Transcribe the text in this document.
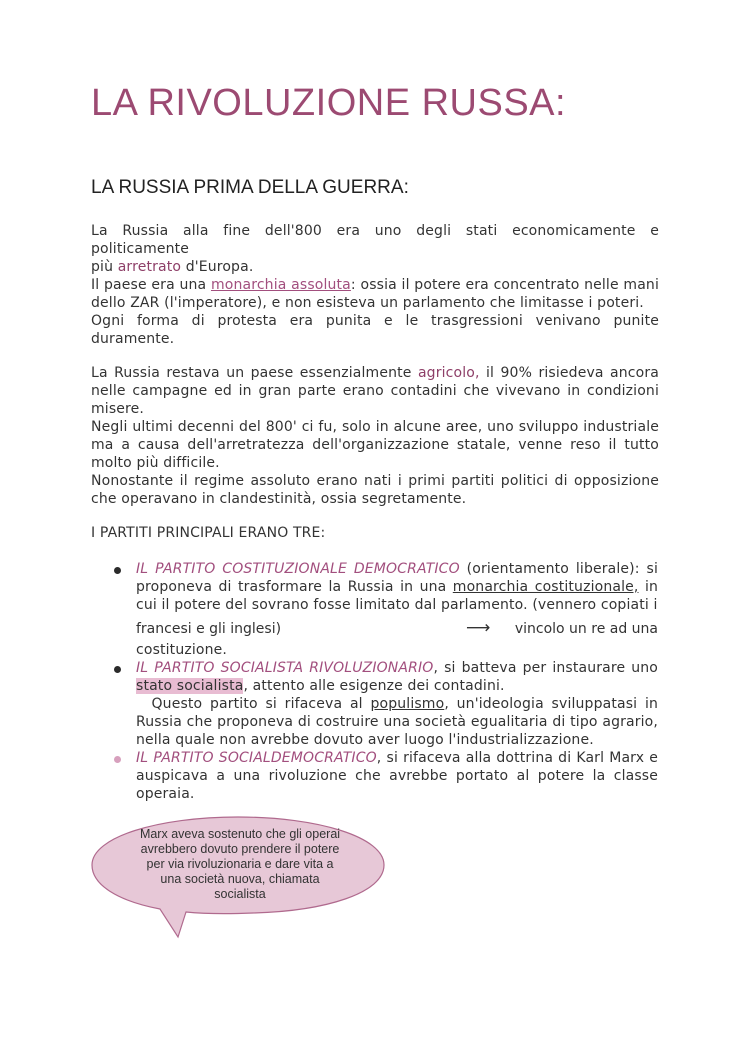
LA RIVOLUZIONE RUSSA:
LA RUSSIA PRIMA DELLA GUERRA:
La Russia alla fine dell'800 era uno degli stati economicamente e politicamente
più arretrato d'Europa.
Il paese era una monarchia assoluta: ossia il potere era concentrato nelle mani dello ZAR (l'imperatore), e non esisteva un parlamento che limitasse i poteri.
Ogni forma di protesta era punita e le trasgressioni venivano punite duramente.
La Russia restava un paese essenzialmente agricolo, il 90% risiedeva ancora nelle campagne ed in gran parte erano contadini che vivevano in condizioni misere.
Negli ultimi decenni del 800' ci fu, solo in alcune aree, uno sviluppo industriale ma a causa dell'arretratezza dell'organizzazione statale, venne reso il tutto molto più difficile.
Nonostante il regime assoluto erano nati i primi partiti politici di opposizione che operavano in clandestinità, ossia segretamente.
I PARTITI PRINCIPALI ERANO TRE:
IL PARTITO COSTITUZIONALE DEMOCRATICO (orientamento liberale): si proponeva di trasformare la Russia in una monarchia costituzionale, in cui il potere del sovrano fosse limitato dal parlamento. (vennero copiati i
francesi e gli inglesi)	⟶ vincolo un re ad una
costituzione.
IL PARTITO SOCIALISTA RIVOLUZIONARIO, si batteva per instaurare uno stato socialista, attento alle esigenze dei contadini.
Questo partito si rifaceva al populismo, un'ideologia sviluppatasi in Russia che proponeva di costruire una società egualitaria di tipo agrario, nella quale non avrebbe dovuto aver luogo l'industrializzazione.
IL PARTITO SOCIALDEMOCRATICO, si rifaceva alla dottrina di Karl Marx e auspicava a una rivoluzione che avrebbe portato al potere la classe operaia.
Marx aveva sostenuto che gli operai
avrebbero dovuto prendere il potere
per via rivoluzionaria e dare vita a
una società nuova, chiamata
socialista
